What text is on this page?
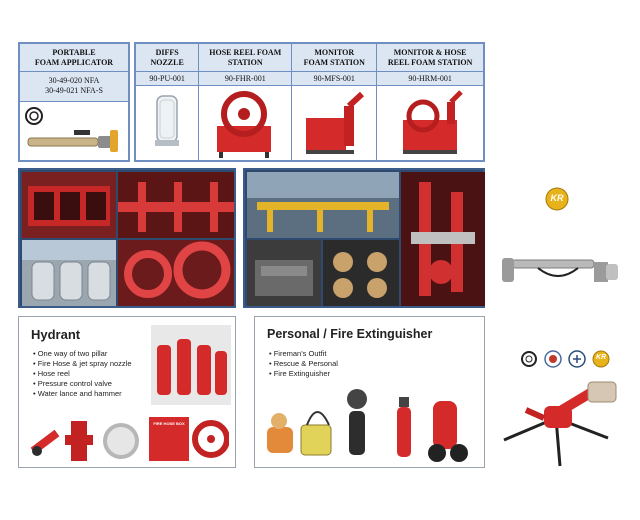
PORTABLE
FOAM APPLICATOR
30-49-020 NFA
30-49-021 NFA-S
DIFFS
NOZZLE
90-PU-001
HOSE REEL FOAM
STATION
90-FHR-001
MONITOR
FOAM STATION
90-MFS-001
MONITOR & HOSE
REEL FOAM STATION
90-HRM-001
KR
KR
Hydrant
• One way of two pillar
• Fire Hose & jet spray nozzle
• Hose reel
• Pressure control valve
• Water lance and hammer
FIRE HOSE BOX
Personal / Fire Extinguisher
• Fireman's Outfit
• Rescue & Personal
• Fire Extinguisher
